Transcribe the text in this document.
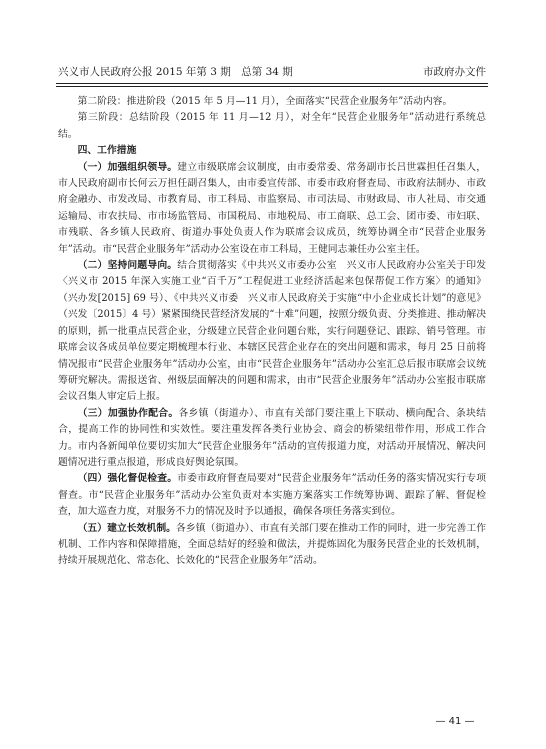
兴义市人民政府公报 2015 年第 3 期　总第 34 期	市政府办文件

第二阶段：推进阶段（2015 年 5 月—11 月），全面落实“民营企业服务年”活动内容。

第三阶段：总结阶段（2015 年 11 月—12 月），对全年“民营企业服务年”活动进行系统总结。

四、工作措施

（一）加强组织领导。建立市级联席会议制度，由市委常委、常务副市长吕世霖担任召集人，市人民政府副市长何云万担任副召集人，由市委宣传部、市委市政府督查局、市政府法制办、市政府金融办、市发改局、市教育局、市工科局、市监察局、市司法局、市财政局、市人社局、市交通运输局、市农扶局、市市场监管局、市国税局、市地税局、市工商联、总工会、团市委、市妇联、市残联、各乡镇人民政府、街道办事处负责人作为联席会议成员，统筹协调全市“民营企业服务年”活动。市“民营企业服务年”活动办公室设在市工科局，王健同志兼任办公室主任。

（二）坚持问题导向。结合贯彻落实《中共兴义市委办公室　兴义市人民政府办公室关于印发〈兴义市 2015 年深入实施工业“百千万”工程促进工业经济活起来包保帮促工作方案〉的通知》（兴办发[2015] 69 号）、《中共兴义市委　兴义市人民政府关于实施“中小企业成长计划”的意见》（兴发〔2015〕4 号）紧紧围绕民营经济发展的“十难”问题，按照分级负责、分类推进、推动解决的原则，抓一批重点民营企业，分级建立民营企业问题台账，实行问题登记、跟踪、销号管理。市联席会议各成员单位要定期梳理本行业、本辖区民营企业存在的突出问题和需求，每月 25 日前将情况报市“民营企业服务年”活动办公室，由市“民营企业服务年”活动办公室汇总后报市联席会议统筹研究解决。需报送省、州级层面解决的问题和需求，由市“民营企业服务年”活动办公室报市联席会议召集人审定后上报。

（三）加强协作配合。各乡镇（街道办）、市直有关部门要注重上下联动、横向配合、条块结合，提高工作的协同性和实效性。要注重发挥各类行业协会、商会的桥梁纽带作用，形成工作合力。市内各新闻单位要切实加大“民营企业服务年”活动的宣传报道力度，对活动开展情况、解决问题情况进行重点报道，形成良好舆论氛围。

（四）强化督促检查。市委市政府督查局要对“民营企业服务年”活动任务的落实情况实行专项督查。市“民营企业服务年”活动办公室负责对本实施方案落实工作统筹协调、跟踪了解、督促检查，加大巡查力度，对服务不力的情况及时予以通报，确保各项任务落实到位。

（五）建立长效机制。各乡镇（街道办）、市直有关部门要在推动工作的同时，进一步完善工作机制、工作内容和保障措施，全面总结好的经验和做法，并提炼固化为服务民营企业的长效机制，持续开展规范化、常态化、长效化的“民营企业服务年”活动。

— 41 —
